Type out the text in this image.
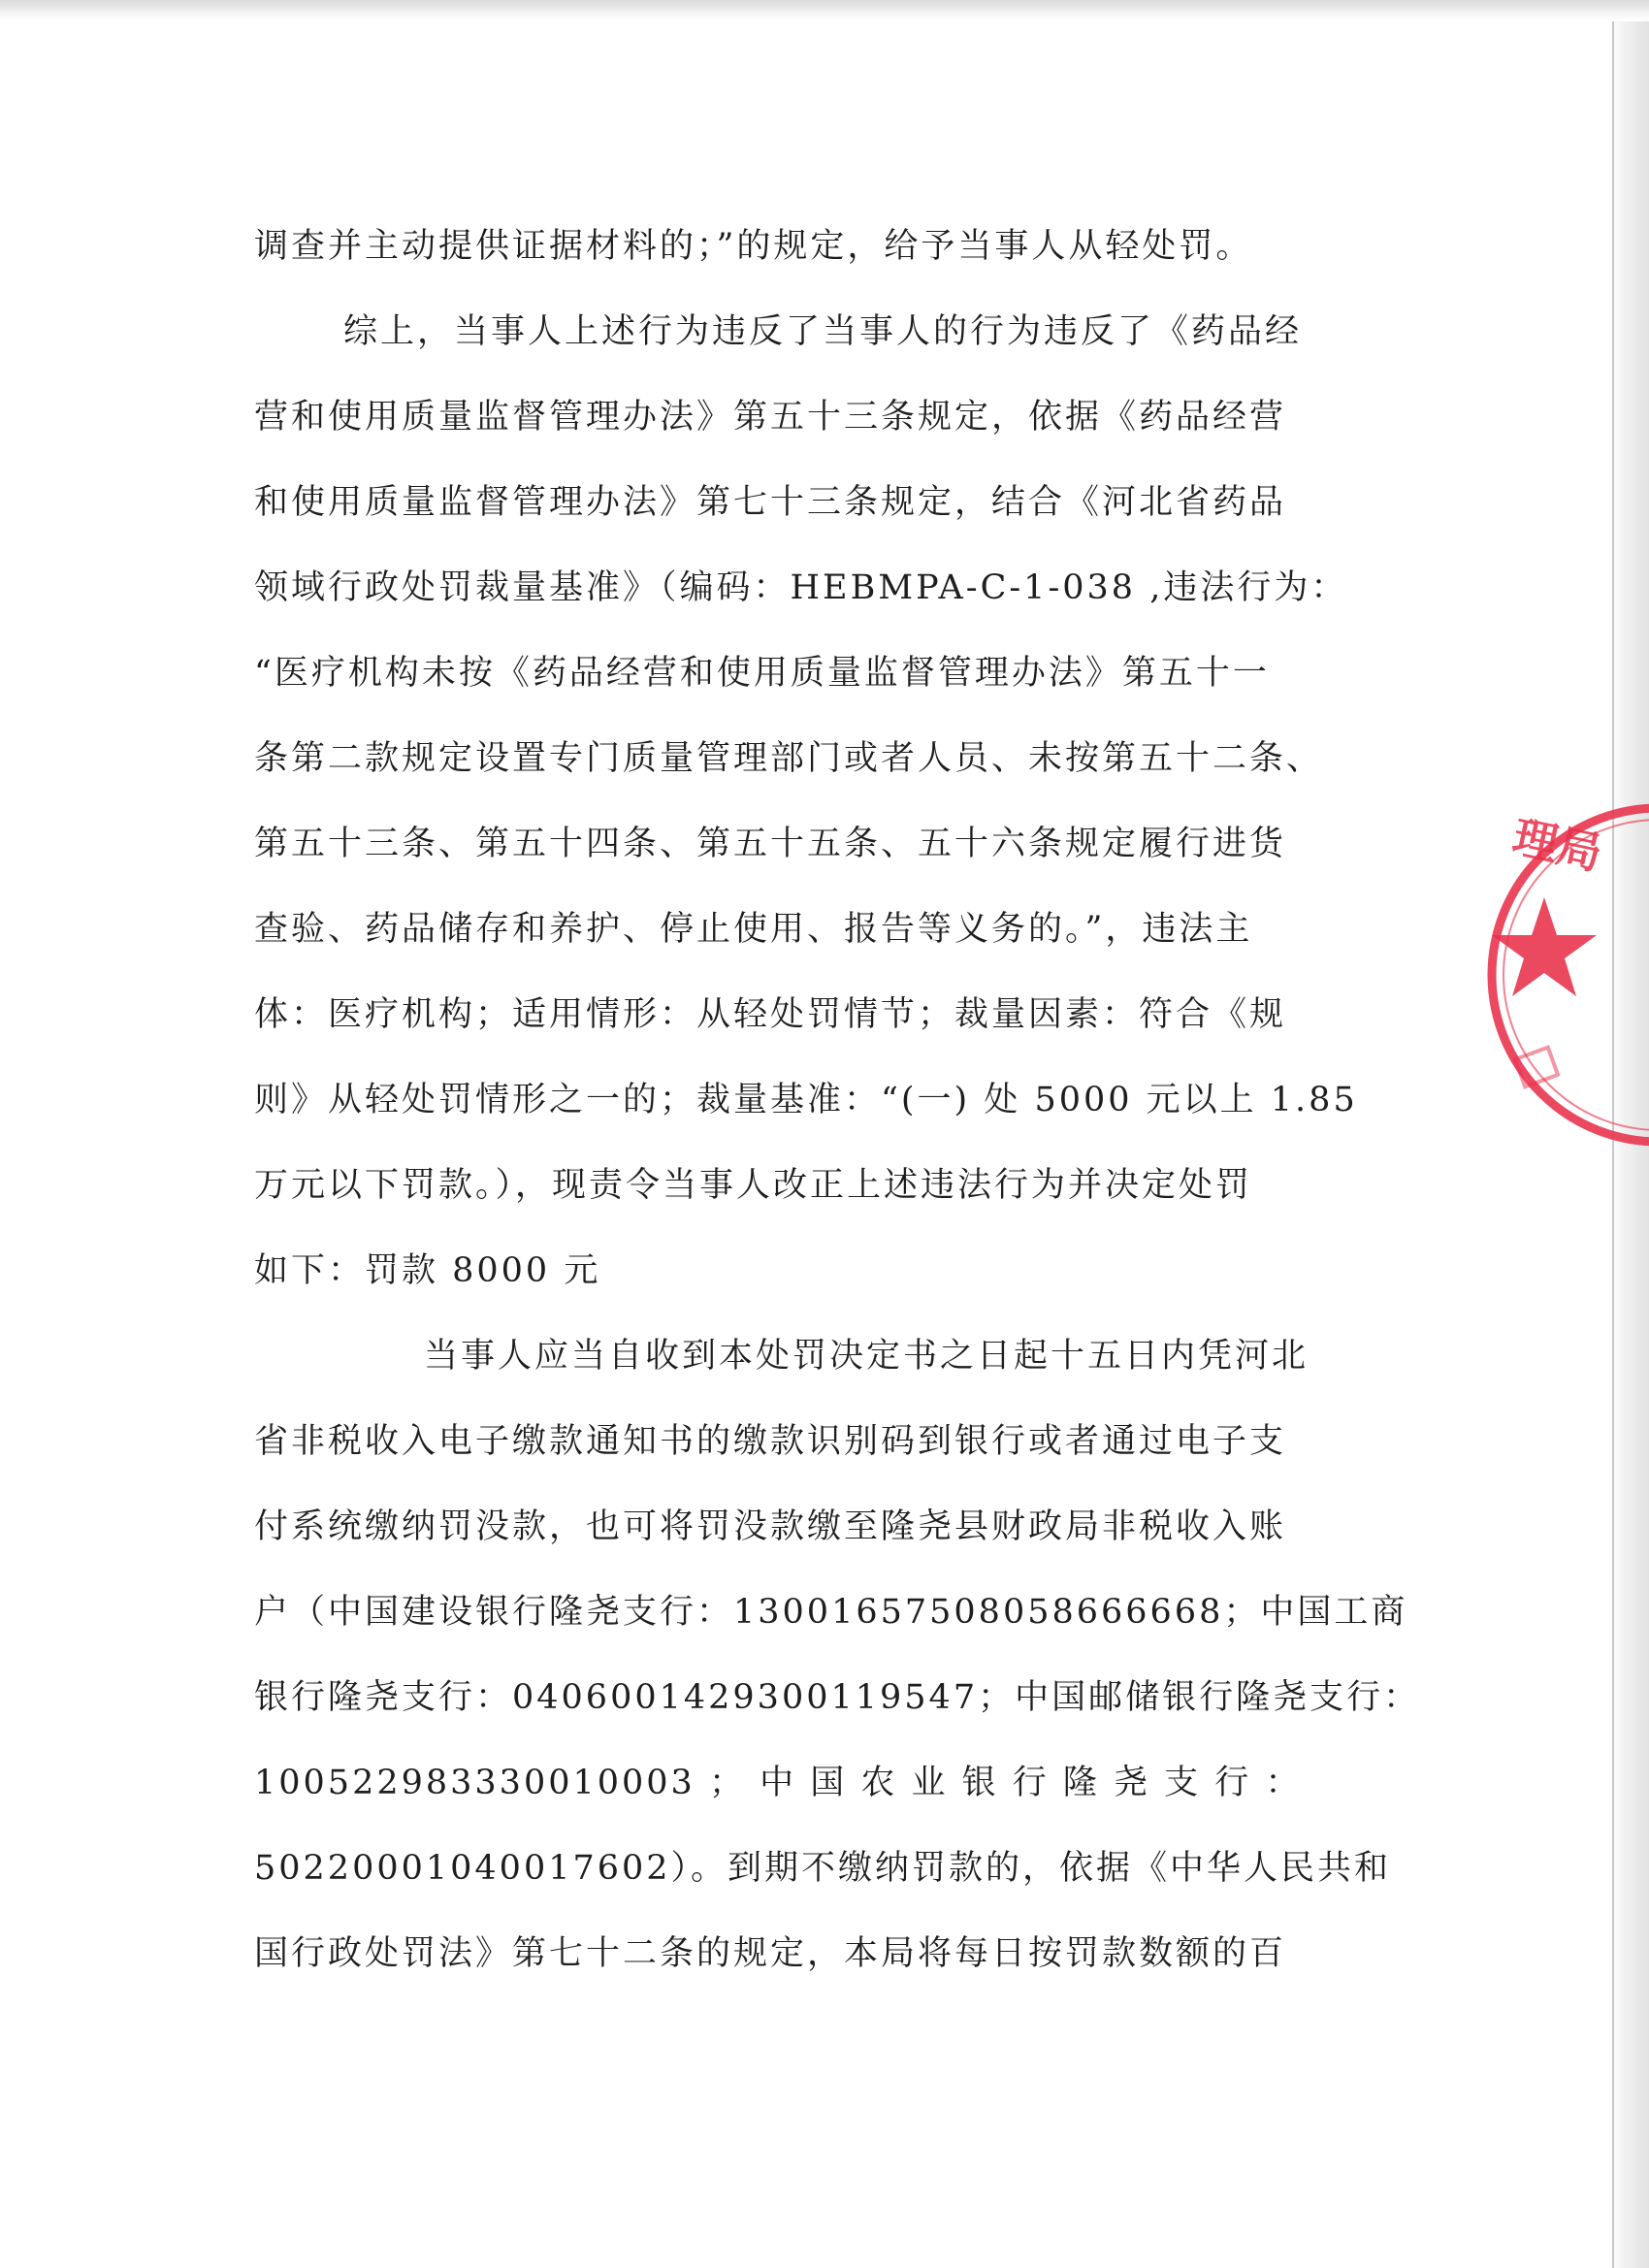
调查并主动提供证据材料的；”的规定，给予当事人从轻处罚。
综上，当事人上述行为违反了当事人的行为违反了《药品经
营和使用质量监督管理办法》第五十三条规定，依据《药品经营
和使用质量监督管理办法》第七十三条规定，结合《河北省药品
领域行政处罚裁量基准》（编码：HEBMPA-C-1-038 ,违法行为：
“医疗机构未按《药品经营和使用质量监督管理办法》第五十一
条第二款规定设置专门质量管理部门或者人员、未按第五十二条、
第五十三条、第五十四条、第五十五条、五十六条规定履行进货
查验、药品储存和养护、停止使用、报告等义务的。”，违法主
体：医疗机构；适用情形：从轻处罚情节；裁量因素：符合《规
则》从轻处罚情形之一的；裁量基准：“(一) 处 5000 元以上 1.85
万元以下罚款。），现责令当事人改正上述违法行为并决定处罚
如下：罚款 8000 元
当事人应当自收到本处罚决定书之日起十五日内凭河北
省非税收入电子缴款通知书的缴款识别码到银行或者通过电子支
付系统缴纳罚没款，也可将罚没款缴至隆尧县财政局非税收入账
户（中国建设银行隆尧支行：13001657508058666668；中国工商
银行隆尧支行：0406001429300119547；中国邮储银行隆尧支行：
100522983330010003 ； 中 国 农 业 银 行 隆 尧 支 行 ：
50220001040017602）。到期不缴纳罚款的，依据《中华人民共和
国行政处罚法》第七十二条的规定，本局将每日按罚款数额的百
理局
